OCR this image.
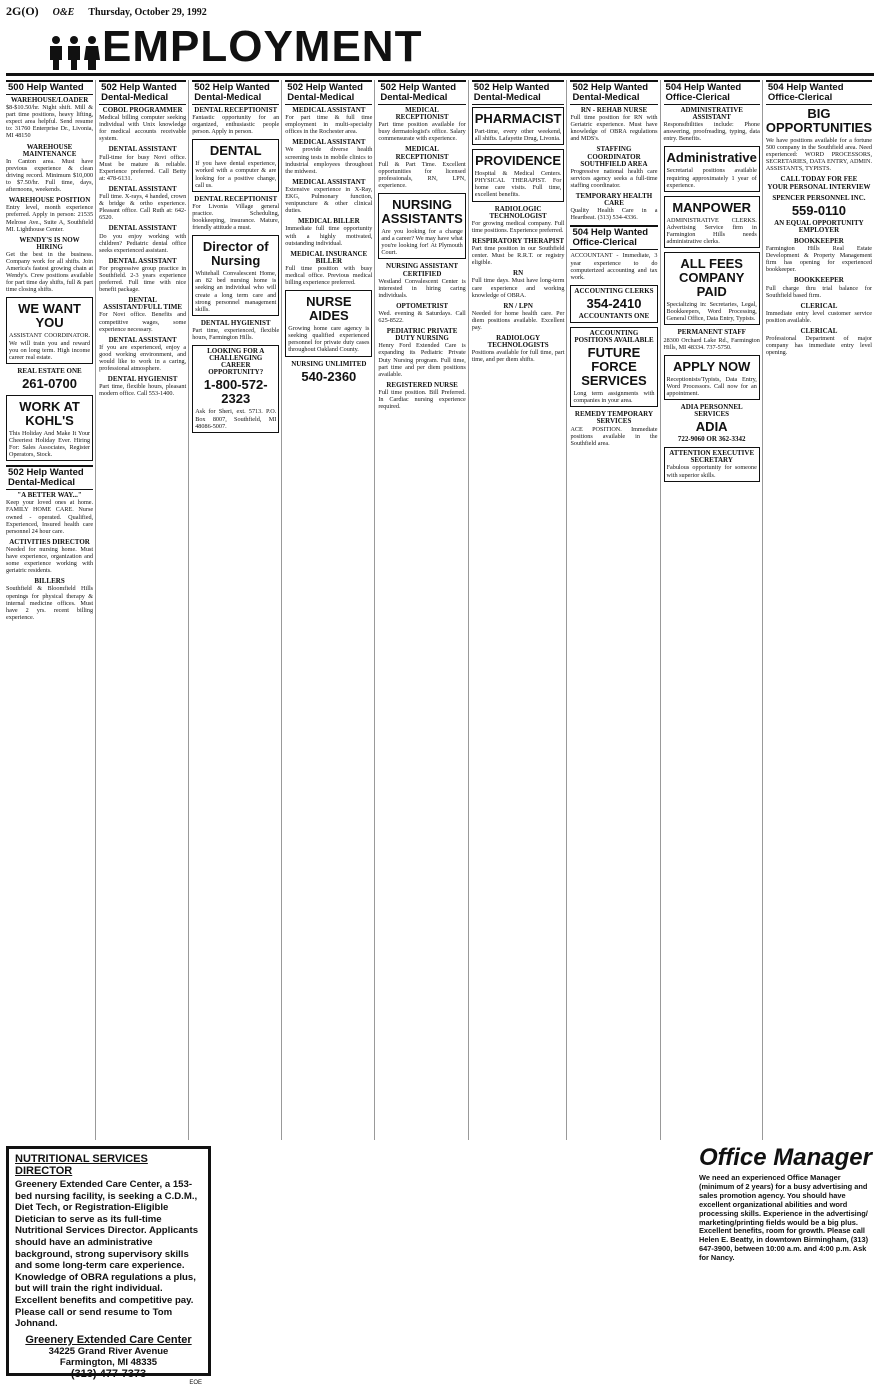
2G(O) O&E Thursday, October 29, 1992
EMPLOYMENT
500 Help Wanted
WAREHOUSE/LOADER
$8-$10.50/hr. Night shift. Mill & part time positions, heavy lifting, expect area helpful. Send resume to: 31760 Enterprise Dr., Livonia, MI 48150
WAREHOUSE MAINTENANCE
In Canton area. Must have previous experience & clean driving record. Minimum $10,000 to $7.50/hr. Full time, days, afternoons, weekends.
WAREHOUSE POSITION
Entry level, month experience preferred. Apply in person: 21535 Melrose Ave., Suite A, Southfield MI. Lighthouse Center.
WENDY'S IS NOW HIRING
Get the best in the business. Company work for all shifts. Join America's fastest growing chain at Wendy's. Crew positions available for part time day shifts, full & part time closing shifts.
WE WANT YOU
ASSISTANT COORDINATOR. We will train you and reward you on long term. High income career real estate.
REAL ESTATE ONE
261-0700
WORK AT KOHL'S
This Holiday And Make It Your Cheeriest Holiday Ever. Hiring For: Sales Associates, Register Operators, Stock.
502 Help Wanted Dental-Medical
"A BETTER WAY..."
Keep your loved ones at home. FAMILY HOME CARE. Nurse owned - operated. Qualified, Experienced, Insured health care personnel 24 hour care.
ACTIVITIES DIRECTOR
Needed for nursing home. Must have experience, organization and some experience working with geriatric residents.
BILLERS
Southfield & Bloomfield Hills openings for physical therapy & internal medicine offices. Must have 2 yrs. recent billing experience.
502 Help Wanted Dental-Medical
COBOL PROGRAMMER
Medical billing computer seeking individual with Unix knowledge for medical accounts receivable system.
DENTAL ASSISTANT
Full-time for busy Novi office. Must be mature & reliable. Experience preferred. Call Betty at: 478-6131.
DENTAL ASSISTANT
Full time. X-rays, 4 handed, crown & bridge & ortho experience. Pleasant office. Call Ruth at: 642-6520.
DENTAL ASSISTANT
Do you enjoy working with children? Pediatric dental office seeks experienced assistant.
DENTAL ASSISTANT
For progressive group practice in Southfield. 2-3 years experience preferred. Full time with nice benefit package.
DENTAL ASSISTANT/FULL TIME
For Novi office. Benefits and competitive wages, some experience necessary.
DENTAL ASSISTANT
If you are experienced, enjoy a good working environment, and would like to work in a caring, professional atmosphere.
DENTAL HYGIENIST
Part time, flexible hours, pleasant modern office. Call 553-1400.
502 Help Wanted Dental-Medical
DENTAL RECEPTIONIST
Fantastic opportunity for an organized, enthusiastic people person. Apply in person.
DENTAL
If you have dental experience, worked with a computer & are looking for a positive change, call us.
DENTAL RECEPTIONIST
For Livonia Village general practice. Scheduling, bookkeeping, insurance. Mature, friendly attitude a must.
Director of Nursing
Whitehall Convalescent Home, an 82 bed nursing home is seeking an individual who will create a long term care and strong personnel management skills.
DENTAL HYGIENIST
Part time, experienced, flexible hours, Farmington Hills.
LOOKING FOR A CHALLENGING CAREER OPPORTUNITY?
1-800-572-2323
Ask for Sheri, ext. 5713. P.O. Box 8007, Southfield, MI 48086-5007.
502 Help Wanted Dental-Medical
MEDICAL ASSISTANT
For part time & full time employment in multi-specialty offices in the Rochester area.
MEDICAL ASSISTANT
We provide diverse health screening tests in mobile clinics to industrial employees throughout the midwest.
MEDICAL ASSISTANT
Extensive experience in X-Ray, EKG, Pulmonary function, venipuncture & other clinical duties.
MEDICAL BILLER
Immediate full time opportunity with a highly motivated, outstanding individual.
MEDICAL INSURANCE BILLER
Full time position with busy medical office. Previous medical billing experience preferred.
NURSE AIDES
Growing home care agency is seeking qualified experienced personnel for private duty cases throughout Oakland County.
NURSING UNLIMITED
540-2360
502 Help Wanted Dental-Medical
MEDICAL RECEPTIONIST
Part time position available for busy dermatologist's office. Salary commensurate with experience.
MEDICAL RECEPTIONIST
Full & Part Time. Excellent opportunities for licensed professionals, RN, LPN, experience.
NURSING ASSISTANTS
Are you looking for a change and a career? We may have what you're looking for! At Plymouth Court.
NURSING ASSISTANT CERTIFIED
Westland Convalescent Center is interested in hiring caring individuals.
OPTOMETRIST
Wed. evening & Saturdays. Call 625-8522.
PEDIATRIC PRIVATE DUTY NURSING
Henry Ford Extended Care is expanding its Pediatric Private Duty Nursing program. Full time, part time and per diem positions available.
REGISTERED NURSE
Full time position. Bill Preferred. In Cardiac nursing experience required.
502 Help Wanted Dental-Medical
PHARMACIST
Part-time, every other weekend, all shifts. Lafayette Drug, Livonia.
PROVIDENCE
Hospital & Medical Centers. PHYSICAL THERAPIST. For home care visits. Full time, excellent benefits.
RADIOLOGIC TECHNOLOGIST
For growing medical company. Full time positions. Experience preferred.
RESPIRATORY THERAPIST
Part time position in our Southfield center. Must be R.R.T. or registry eligible.
RN
Full time days. Must have long-term care experience and working knowledge of OBRA.
RN / LPN
Needed for home health care. Per diem positions available. Excellent pay.
RADIOLOGY TECHNOLOGISTS
Positions available for full time, part time, and per diem shifts.
502 Help Wanted Dental-Medical
RN - REHAB NURSE
Full time position for RN with Geriatric experience. Must have knowledge of OBRA regulations and MDS's.
STAFFING COORDINATOR SOUTHFIELD AREA
Progressive national health care services agency seeks a full-time staffing coordinator.
TEMPORARY HEALTH CARE
Quality Health Care in a Heartbeat. (313) 534-4336.
504 Help Wanted Office-Clerical
ACCOUNTANT - Immediate, 3 year experience to do computerized accounting and tax work.
ACCOUNTING CLERKS
354-2410
ACCOUNTANTS ONE
ACCOUNTING POSITIONS AVAILABLE
FUTURE FORCE SERVICES
Long term assignments with companies in your area.
REMEDY TEMPORARY SERVICES
ACE POSITION. Immediate positions available in the Southfield area.
504 Help Wanted Office-Clerical
ADMINISTRATIVE ASSISTANT
Responsibilities include: Phone answering, proofreading, typing, data entry. Benefits.
Administrative
Secretarial positions available requiring approximately 1 year of experience.
MANPOWER
ADMINISTRATIVE CLERKS. Advertising Service firm in Farmington Hills needs administrative clerks.
ALL FEES COMPANY PAID
Specializing in: Secretaries, Legal, Bookkeepers, Word Processing, General Office, Data Entry, Typists.
PERMANENT STAFF
28300 Orchard Lake Rd., Farmington Hills, MI 48334. 737-5750.
APPLY NOW
Receptionists/Typists, Data Entry, Word Processors. Call now for an appointment.
ADIA PERSONNEL SERVICES
ADIA
722-9060 OR 362-3342
ATTENTION EXECUTIVE SECRETARY
Fabulous opportunity for someone with superior skills.
504 Help Wanted Office-Clerical
BIG OPPORTUNITIES
We have positions available for a fortune 500 company in the Southfield area. Need experienced: WORD PROCESSORS, SECRETARIES, DATA ENTRY, ADMIN. ASSISTANTS, TYPISTS.
CALL TODAY FOR FEE
YOUR PERSONAL INTERVIEW
SPENCER PERSONNEL INC.
559-0110
AN EQUAL OPPORTUNITY EMPLOYER
BOOKKEEPER
Farmington Hills Real Estate Development & Property Management firm has opening for experienced bookkeeper.
BOOKKEEPER
Full charge thru trial balance for Southfield based firm.
CLERICAL
Immediate entry level customer service position available.
CLERICAL
Professional Department of major company has immediate entry level opening.
NUTRITIONAL SERVICES DIRECTOR

Greenery Extended Care Center, a 153-bed nursing facility, is seeking a C.D.M., Diet Tech, or Registration-Eligible Dietician to serve as its full-time Nutritional Services Director. Applicants should have an administrative background, strong supervisory skills and some long-term care experience. Knowledge of OBRA regulations a plus, but will train the right individual. Excellent benefits and competitive pay. Please call or send resume to Tom Johnand.

Greenery Extended Care Center
34225 Grand River Avenue
Farmington, MI 48335
(313) 477-7373
EOE
Office Manager

We need an experienced Office Manager (minimum of 2 years) for a busy advertising and sales promotion agency. You should have excellent organizational abilities and word processing skills. Experience in the advertising/ marketing/printing fields would be a big plus. Excellent benefits, room for growth. Please call Helen E. Beatty, in downtown Birmingham, (313) 647-3900, between 10:00 a.m. and 4:00 p.m. Ask for Nancy.
